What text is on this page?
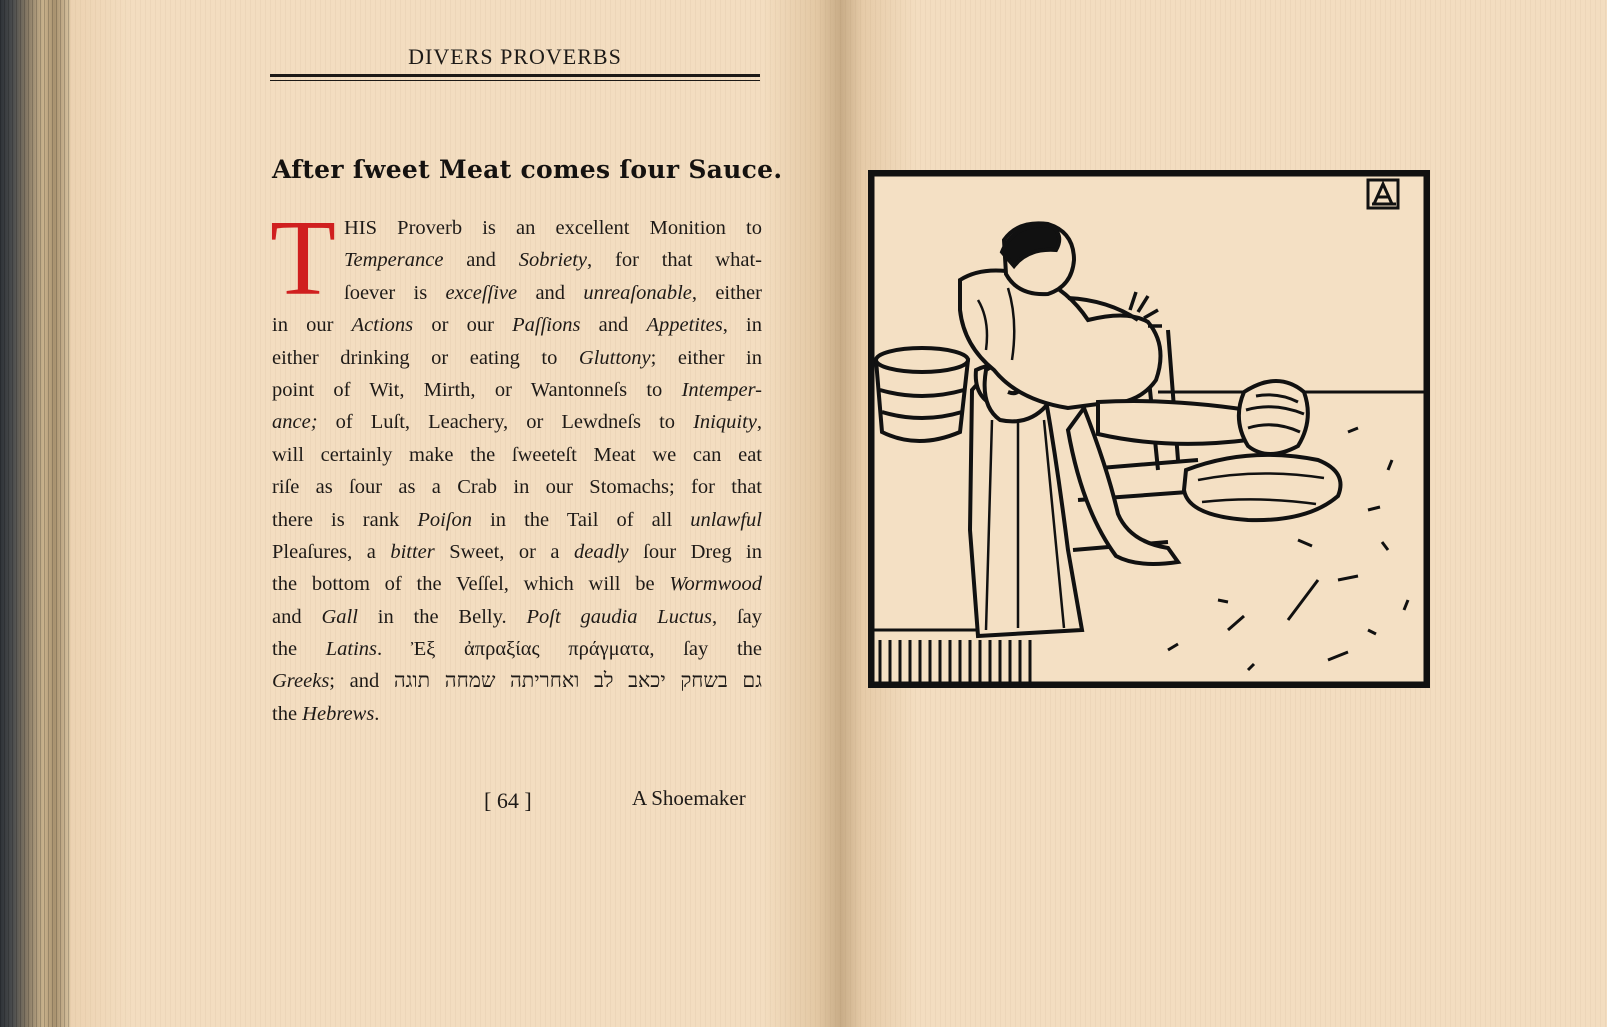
DIVERS PROVERBS
After ſweet Meat comes ſour Sauce.
T HIS Proverb is an excellent Monition to
Temperance and Sobriety, for that what-
ſoever is exceſſive and unreaſonable, either
in our Actions or our Paſſions and Appetites, in
either drinking or eating to Gluttony; either in
point of Wit, Mirth, or Wantonneſs to Intemper-
ance; of Luſt, Leachery, or Lewdneſs to Iniquity,
will certainly make the ſweeteſt Meat we can eat
riſe as ſour as a Crab in our Stomachs; for that
there is rank Poiſon in the Tail of all unlawful
Pleaſures, a bitter Sweet, or a deadly ſour Dreg in
the bottom of the Veſſel, which will be Wormwood
and Gall in the Belly. Poſt gaudia Luctus, ſay
the Latins. Ἐξ ἀπραξίας πράγματα, ſay the
Greeks; and גם בשחק יכאב לב ואחריתה שמחה תוגה
the Hebrews.
[ 64 ]	A Shoemaker
